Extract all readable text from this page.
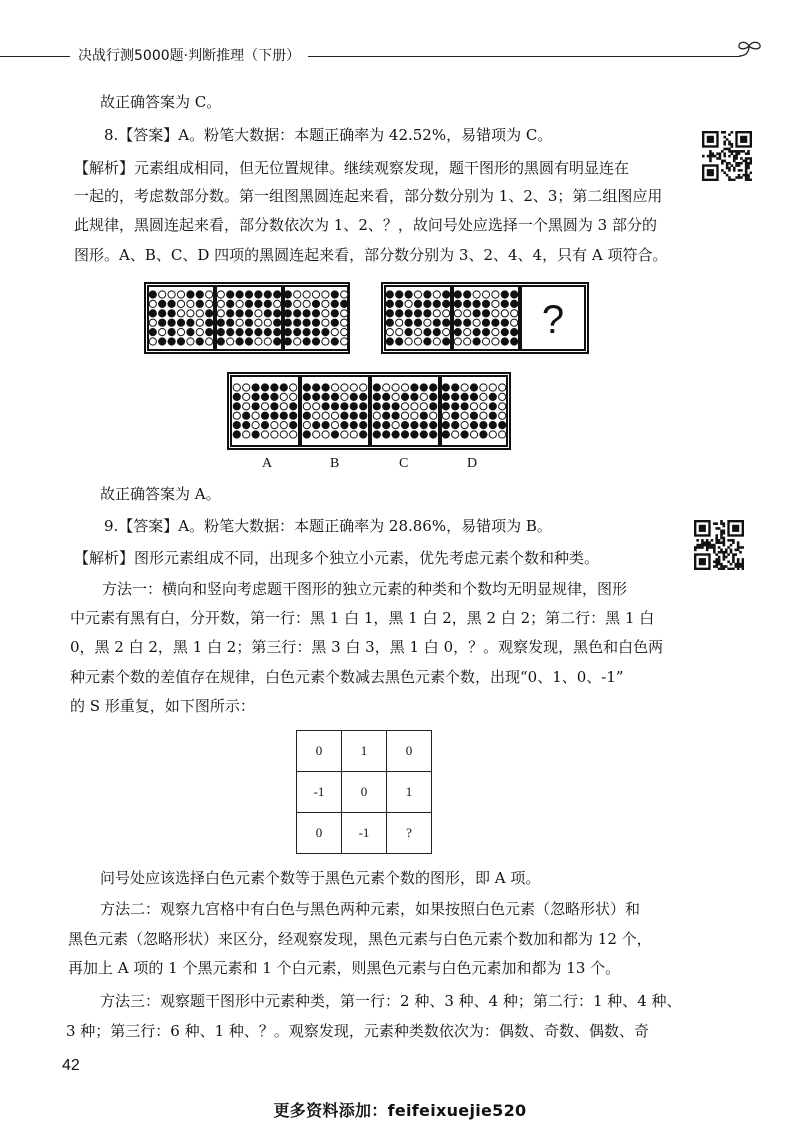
决战行测5000题·判断推理（下册）
故正确答案为 C。
8.【答案】A。粉笔大数据：本题正确率为 42.52%，易错项为 C。
【解析】元素组成相同，但无位置规律。继续观察发现，题干图形的黑圆有明显连在
一起的，考虑数部分数。第一组图黑圆连起来看，部分数分别为 1、2、3；第二组图应用
此规律，黑圆连起来看，部分数依次为 1、2、？，故问号处应选择一个黑圆为 3 部分的
图形。A、B、C、D 四项的黑圆连起来看，部分数分别为 3、2、4、4，只有 A 项符合。
?
A	B	C	D
故正确答案为 A。
9.【答案】A。粉笔大数据：本题正确率为 28.86%，易错项为 B。
【解析】图形元素组成不同，出现多个独立小元素，优先考虑元素个数和种类。
方法一：横向和竖向考虑题干图形的独立元素的种类和个数均无明显规律，图形
中元素有黑有白，分开数，第一行：黑 1 白 1，黑 1 白 2，黑 2 白 2；第二行：黑 1 白
0，黑 2 白 2，黑 1 白 2；第三行：黑 3 白 3，黑 1 白 0，？。观察发现，黑色和白色两
种元素个数的差值存在规律，白色元素个数减去黑色元素个数，出现“0、1、0、-1”
的 S 形重复，如下图所示：
0	1	0
-1	0	1
0	-1	?
问号处应该选择白色元素个数等于黑色元素个数的图形，即 A 项。
方法二：观察九宫格中有白色与黑色两种元素，如果按照白色元素（忽略形状）和
黑色元素（忽略形状）来区分，经观察发现，黑色元素与白色元素个数加和都为 12 个，
再加上 A 项的 1 个黑元素和 1 个白元素，则黑色元素与白色元素加和都为 13 个。
方法三：观察题干图形中元素种类，第一行：2 种、3 种、4 种；第二行：1 种、4 种、
3 种；第三行：6 种、1 种、？。观察发现，元素种类数依次为：偶数、奇数、偶数、奇
42
更多资料添加：feifeixuejie520
